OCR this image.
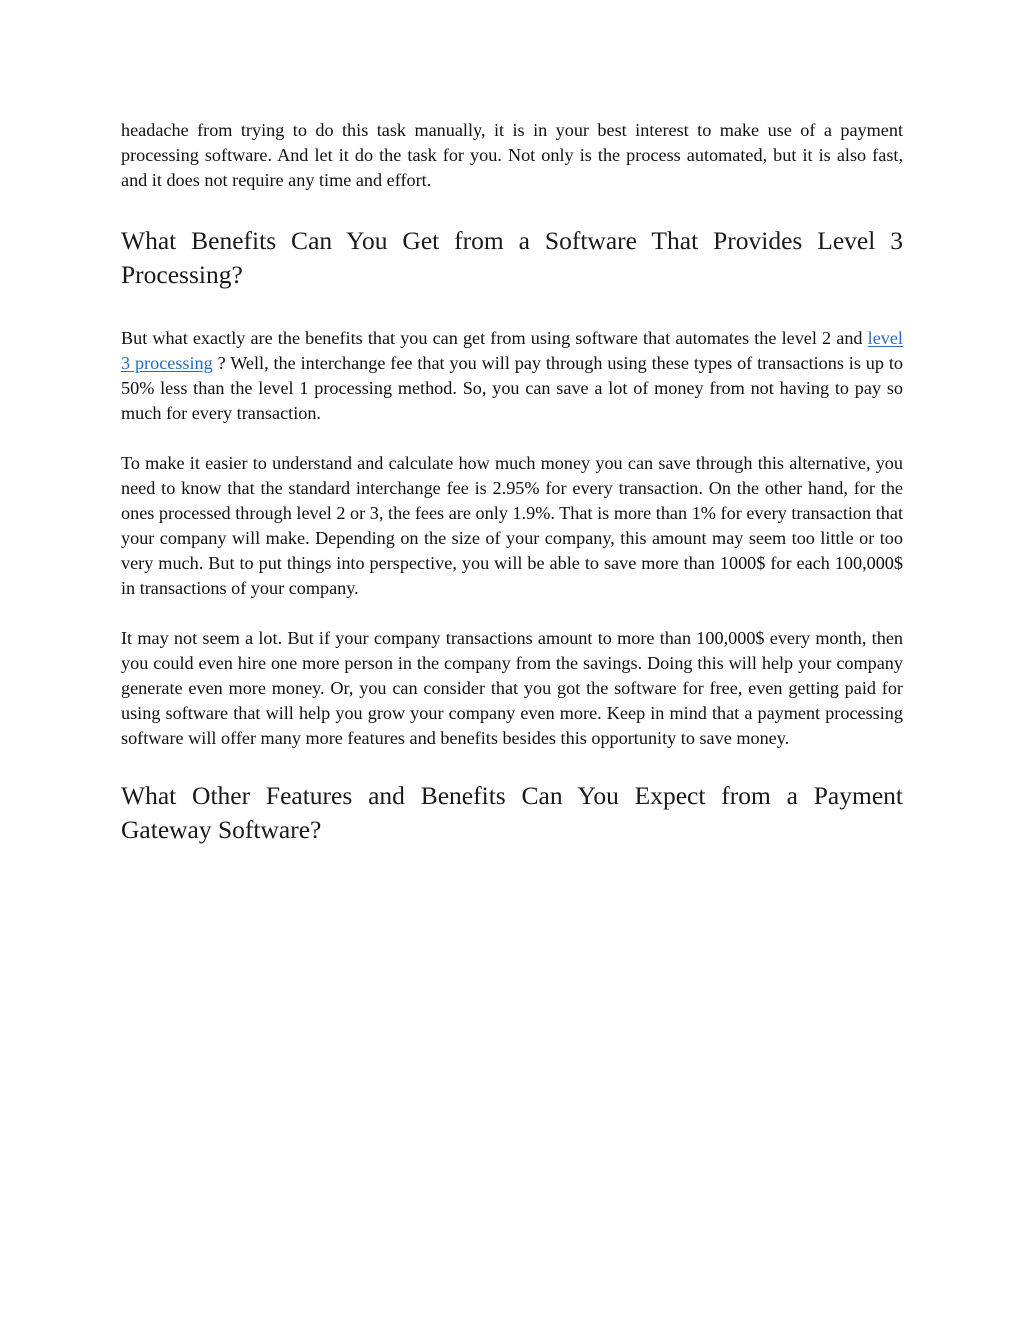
headache from trying to do this task manually, it is in your best interest to make use of a payment processing software. And let it do the task for you. Not only is the process automated, but it is also fast, and it does not require any time and effort.

What Benefits Can You Get from a Software That Provides Level 3 Processing?

But what exactly are the benefits that you can get from using software that automates the level 2 and level 3 processing ? Well, the interchange fee that you will pay through using these types of transactions is up to 50% less than the level 1 processing method. So, you can save a lot of money from not having to pay so much for every transaction.

To make it easier to understand and calculate how much money you can save through this alternative, you need to know that the standard interchange fee is 2.95% for every transaction. On the other hand, for the ones processed through level 2 or 3, the fees are only 1.9%. That is more than 1% for every transaction that your company will make. Depending on the size of your company, this amount may seem too little or too very much. But to put things into perspective, you will be able to save more than 1000$ for each 100,000$ in transactions of your company.

It may not seem a lot. But if your company transactions amount to more than 100,000$ every month, then you could even hire one more person in the company from the savings. Doing this will help your company generate even more money. Or, you can consider that you got the software for free, even getting paid for using software that will help you grow your company even more. Keep in mind that a payment processing software will offer many more features and benefits besides this opportunity to save money.

What Other Features and Benefits Can You Expect from a Payment Gateway Software?
